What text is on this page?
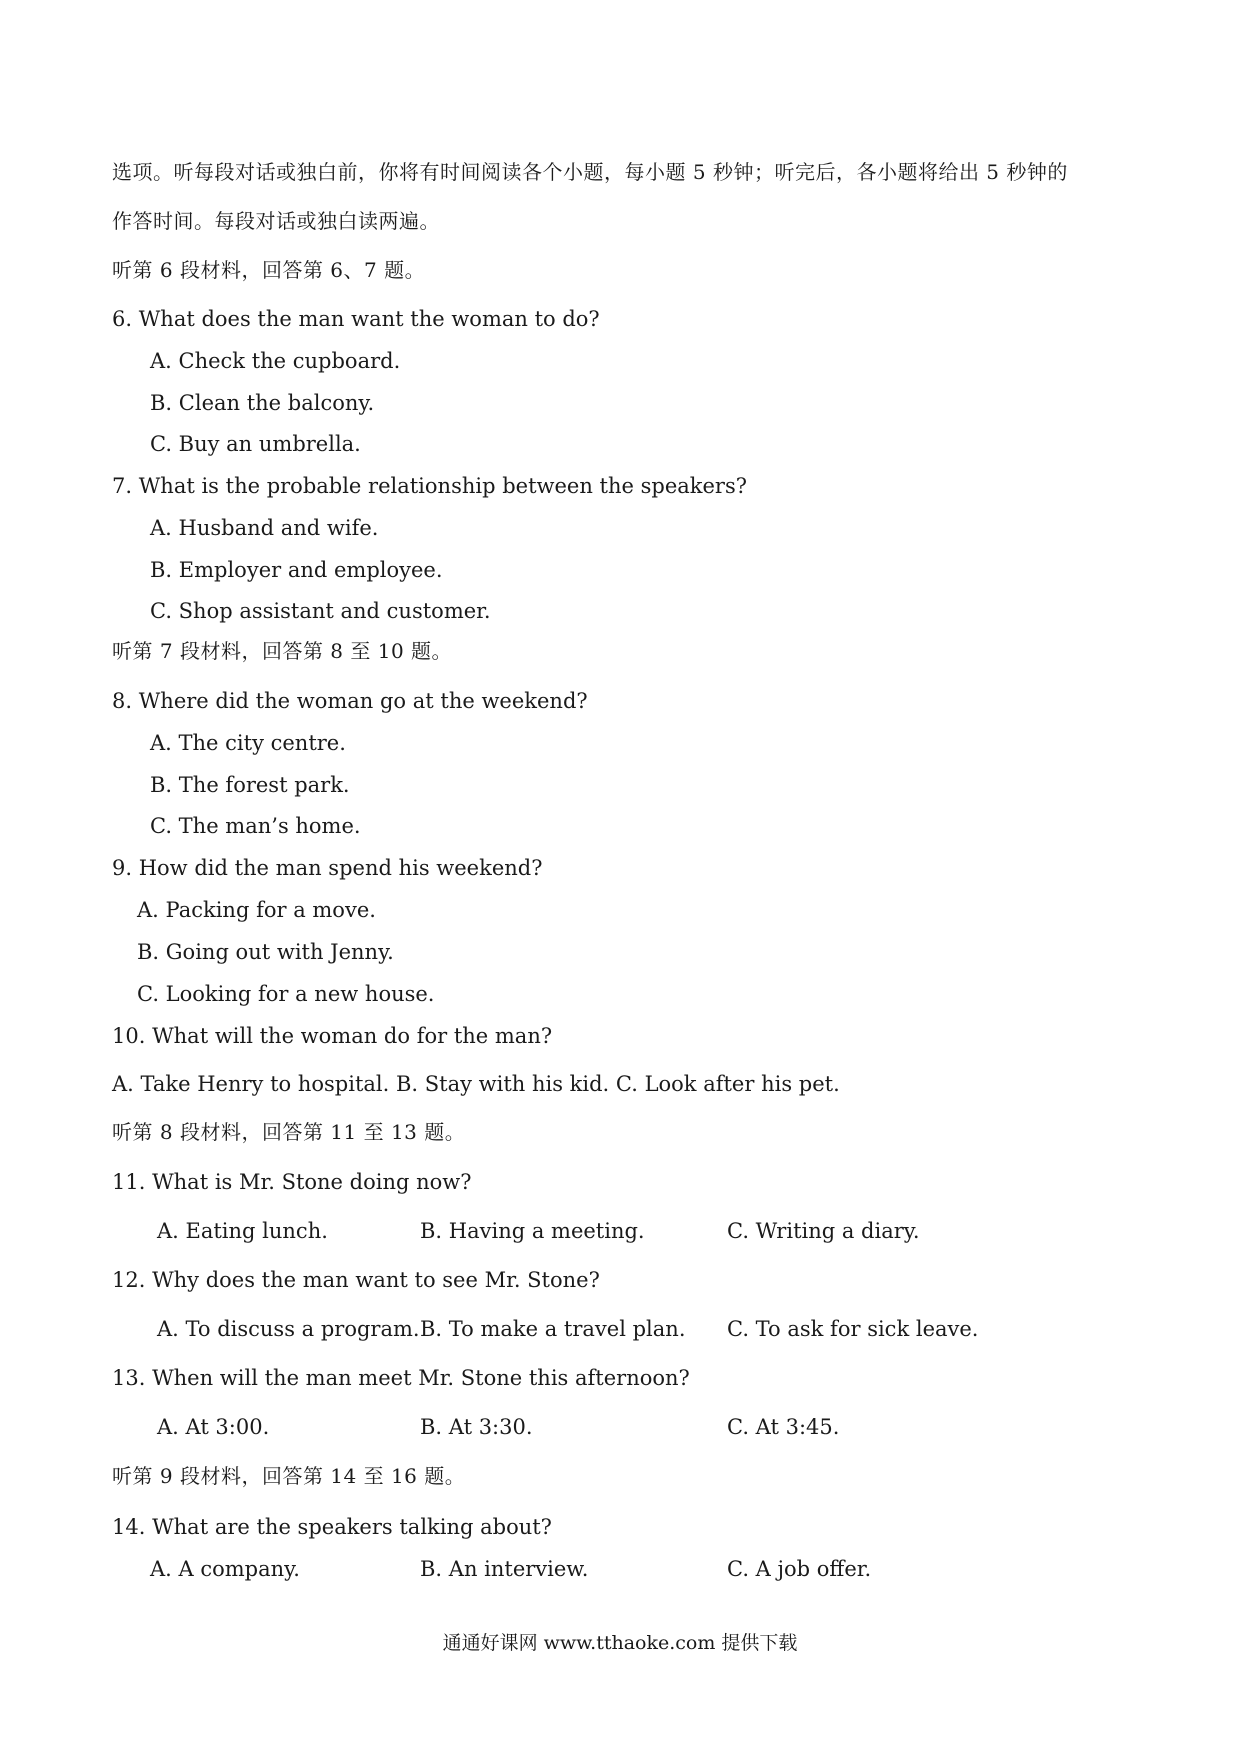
选项。听每段对话或独白前，你将有时间阅读各个小题，每小题 5 秒钟；听完后，各小题将给出 5 秒钟的
作答时间。每段对话或独白读两遍。
听第 6 段材料，回答第 6、7 题。
6. What does the man want the woman to do?
A. Check the cupboard.
B. Clean the balcony.
C. Buy an umbrella.
7. What is the probable relationship between the speakers?
A. Husband and wife.
B. Employer and employee.
C. Shop assistant and customer.
听第 7 段材料，回答第 8 至 10 题。
8. Where did the woman go at the weekend?
A. The city centre.
B. The forest park.
C. The man’s home.
9. How did the man spend his weekend?
A. Packing for a move.
B. Going out with Jenny.
C. Looking for a new house.
10. What will the woman do for the man?
A. Take Henry to hospital. B. Stay with his kid. C. Look after his pet.
听第 8 段材料，回答第 11 至 13 题。
11. What is Mr. Stone doing now?
A. Eating lunch.	B. Having a meeting.	C. Writing a diary.
12. Why does the man want to see Mr. Stone?
A. To discuss a program. B. To make a travel plan. C. To ask for sick leave.
13. When will the man meet Mr. Stone this afternoon?
A. At 3:00.	B. At 3:30.	C. At 3:45.
听第 9 段材料，回答第 14 至 16 题。
14. What are the speakers talking about?
A. A company.	B. An interview.	C. A job offer.
通通好课网 www.tthaoke.com 提供下载
